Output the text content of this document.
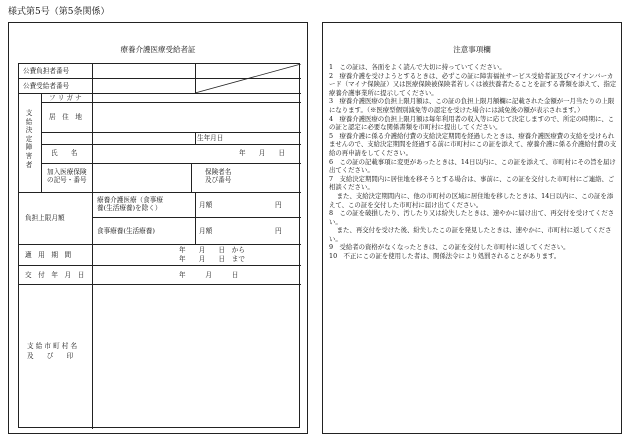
様式第5号（第5条関係）
療養介護医療受給者証
公費負担者番号
公費受給者番号
支給決定障害者
フ リ ガ ナ
居　住　地
生年月日
氏　　名	年　　月　　日
加入医療保険
の記号・番号
保険者名
及び番号
負担上限月額
療養介護医療（食事療
養(生活療養)を除く）	月額	円
食事療養(生活療養)	月額	円
適　用　期　間
年　　月　　日　から
年　　月　　日　まで
交　付　年　月　日	年　　　月　　　日
支 給 市 町 村 名
及　　び　　印
注意事項欄

1　この証は、各面をよく読んで大切に持っていてください。

2　療養介護を受けようとするときは、必ずこの証に障害福祉サービス受給者証及びマイナンバーカード（マイナ保険証）又は医療保険被保険者若しくは被扶養者たることを証する書類を添えて、指定療養介護事業所に提示してください。

3　療養介護医療の負担上限月額は、この証の負担上限月額欄に記載された金額が一月当たりの上限になります。（※医療型個別減免等の認定を受けた場合には減免後の額が表示されます。）

4　療養介護医療の負担上限月額は毎年利用者の収入等に応じて決定しますので、所定の時期に、この証と認定に必要な関係書類を市町村に提出してください。

5　療養介護に係る介護給付費の支給決定期間を経過したときは、療養介護医療費の支給を受けられませんので、支給決定期間を経過する前に市町村にこの証を添えて、療養介護に係る介護給付費の支給の再申請をしてください。

6　この証の記載事項に変更があったときは、14日以内に、この証を添えて、市町村にその旨を届け出てください。

7　支給決定期間内に居住地を移そうとする場合は、事前に、この証を交付した市町村にご連絡、ご相談ください。

また、支給決定期間内に、他の市町村の区域に居住地を移したときは、14日以内に、この証を添えて、この証を交付した市町村に届け出てください。

8　この証を破損したり、汚したり又は紛失したときは、速やかに届け出て、再交付を受けてください。

また、再交付を受けた後、紛失したこの証を発見したときは、速やかに、市町村に返してください。

9　受給者の資格がなくなったときは、この証を交付した市町村に返してください。

10　不正にこの証を使用した者は、関係法令により処罰されることがあります。
